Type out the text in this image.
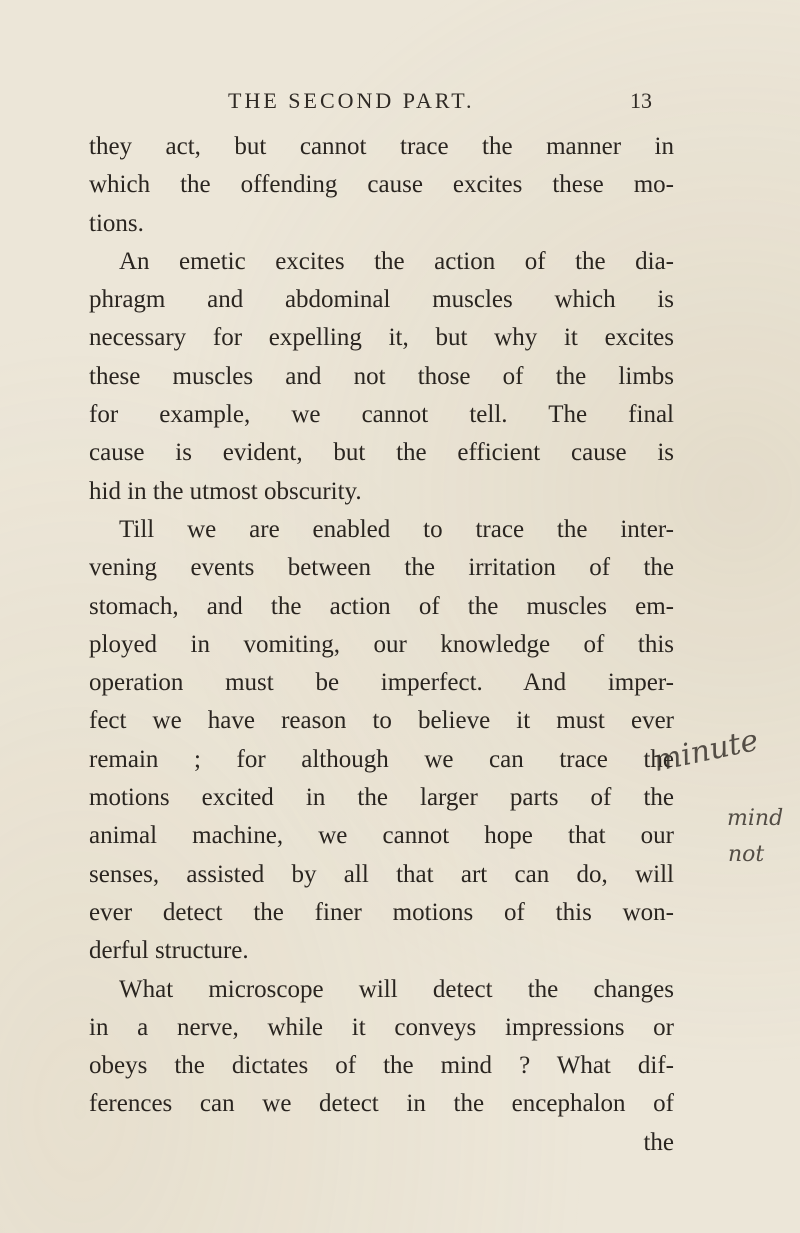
THE SECOND PART.	13
they act, but cannot trace the manner in
which the offending cause excites these mo-
tions.
An emetic excites the action of the dia-
phragm and abdominal muscles which is
necessary for expelling it, but why it excites
these muscles and not those of the limbs
for example, we cannot tell. The final
cause is evident, but the efficient cause is
hid in the utmost obscurity.
Till we are enabled to trace the inter-
vening events between the irritation of the
stomach, and the action of the muscles em-
ployed in vomiting, our knowledge of this
operation must be imperfect. And imper-
fect we have reason to believe it must ever
remain ; for although we can trace the
motions excited in the larger parts of the
animal machine, we cannot hope that our
senses, assisted by all that art can do, will
ever detect the finer motions of this won-
derful structure.
What microscope will detect the changes
in a nerve, while it conveys impressions or
obeys the dictates of the mind ? What dif-
ferences can we detect in the encephalon of
the
minute
mind
not
